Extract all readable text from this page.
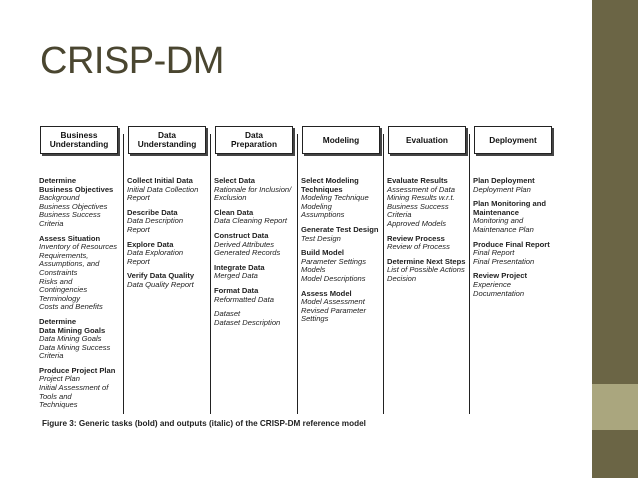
CRISP-DM
Business
Understanding
Determine
Business Objectives
Background
Business Objectives
Business Success
Criteria
Assess Situation
Inventory of Resources
Requirements,
Assumptions, and
Constraints
Risks and
Contingencies
Terminology
Costs and Benefits
Determine
Data Mining Goals
Data Mining Goals
Data Mining Success
Criteria
Produce Project Plan
Project Plan
Initial Assessment of
Tools and
Techniques
Data
Understanding
Collect Initial Data
Initial Data Collection
Report
Describe Data
Data Description
Report
Explore Data
Data Exploration
Report
Verify Data Quality
Data Quality Report
Data
Preparation
Select Data
Rationale for Inclusion/
Exclusion
Clean Data
Data Cleaning Report
Construct Data
Derived Attributes
Generated Records
Integrate Data
Merged Data
Format Data
Reformatted Data
Dataset
Dataset Description
Modeling
Select Modeling
Techniques
Modeling Technique
Modeling
Assumptions
Generate Test Design
Test Design
Build Model
Parameter Settings
Models
Model Descriptions
Assess Model
Model Assessment
Revised Parameter
Settings
Evaluation
Evaluate Results
Assessment of Data
Mining Results w.r.t.
Business Success
Criteria
Approved Models
Review Process
Review of Process
Determine Next Steps
List of Possible Actions
Decision
Deployment
Plan Deployment
Deployment Plan
Plan Monitoring and
Maintenance
Monitoring and
Maintenance Plan
Produce Final Report
Final Report
Final Presentation
Review Project
Experience
Documentation
Figure 3: Generic tasks (bold) and outputs (italic) of the CRISP-DM reference model
